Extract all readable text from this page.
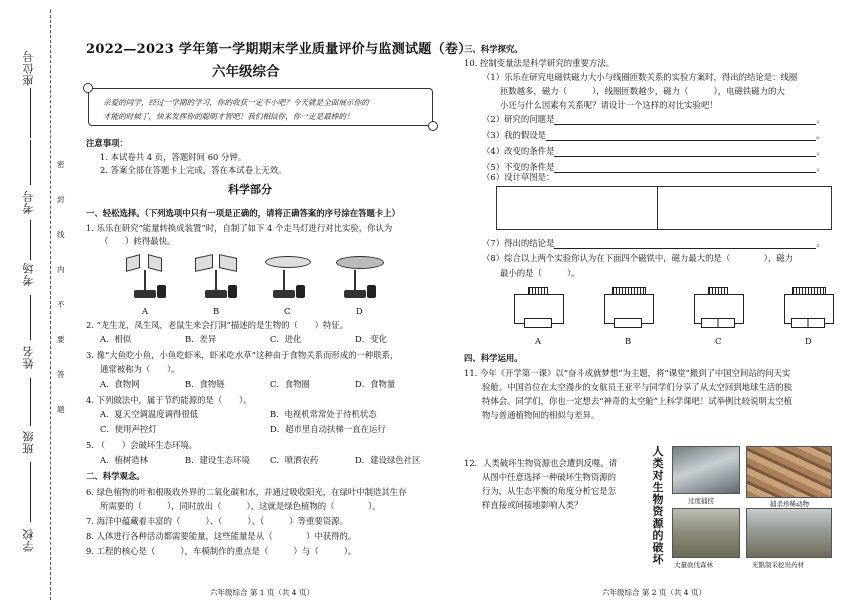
座位号
考号
考场
姓名
班级
学校
密
封
线
内
不
要
答
题
2022—2023 学年第一学期期末学业质量评价与监测试题（卷）
六年级综合
亲爱的同学，经过一学期的学习，你的收获一定不小吧？今天就是全面展示你的
才能的时候了，快来发挥你的聪明才智吧！我们相信你，你一定是最棒的！
注意事项：
1. 本试卷共 4 页，答题时间 60 分钟。
2. 答案全部在答题卡上完成，答在本试卷上无效。
科学部分
一、轻松选择。（下列选项中只有一项是正确的，请将正确答案的序号涂在答题卡上）
1. 乐乐在研究“能量转换成装置”时，自制了如下 4 个走马灯进行对比实验，你认为
（　　）转得最快。
A	B	C	D
2. “龙生龙，凤生凤，老鼠生来会打洞”描述的是生物的（　　）特征。
A．相似	B．差异	C．进化	D．变化
3. 像“大鱼吃小鱼，小鱼吃虾米，虾米吃水草”这种由于食物关系而形成的一种联系，
通常被称为（　　）。
A．食物网	B．食物链	C．食物圈	D．食物量
4. 下列做法中，属于节约能源的是（　　）。
A．夏天空调温度调得很低	B．电视机常常处于待机状态
C．使用声控灯	D．超市里自动扶梯一直在运行
5. （　　）会破坏生态环境。
A．植树造林	B．建设生态环境 C．喷洒农药	D．建设绿色社区
二、科学观念。
6. 绿色植物的叶和根吸收外界的二氧化碳和水，并通过吸收阳光，在绿叶中制造其生存
所需要的（　　　），同时放出（　　　），这就是绿色植物的（　　　　）。
7. 海洋中蕴藏着丰富的（　　　）、（　　　）、（　　　）等重要资源。
8. 人体进行各种活动都需要能量，这些能量是从（　　　　）中获得的。
9. 工程的核心是（　　　），车模制作的重点是（　　　）与（　　　）。
六年级综合 第 1 页（共 4 页）
三、科学探究。
10. 控制变量法是科学研究的重要方法。
（1）乐乐在研究电磁铁磁力大小与线圈匝数关系的实验方案时，得出的结论是：线圈
匝数越多，磁力（　　　），线圈匝数越少，磁力（　　　），电磁铁磁力的大
小还与什么因素有关系呢？请设计一个这样的对比实验吧！
（2）研究的问题是	。
（3）我的假设是	。
（4）改变的条件是	。
（5）不变的条件是	。
（6）设计草图是：
（7）得出的结论是	。
（8）综合以上两个实验你认为在下面四个磁铁中，磁力最大的是（　　　　），磁力
最小的是（　　　）。
A	B	C	D
四、科学运用。
11. 今年《开学第一课》以“奋斗成就梦想”为主题，将“课堂”搬到了中国空间站的问天实
验舱。中国首位在太空漫步的女航员王亚平与同学们分享了从太空回到地球生活的独
特体会。同学们，你也一定想去“神奇的太空舱”上科学课吧！试举例比较说明太空植
物与普通植物间的相似与差异。
12．人类破坏生物资源也会遭到反噬。请
从图中任意选择一种破坏生物资源的
行为，从生态平衡的角度分析它是怎
样直接或间接地影响人类？
人
类
对
生
物
资
源
的
破
坏
过度捕捞	捕杀珍稀动物
大量砍伐森林	无限制采挖贵药材
六年级综合 第 2 页（共 4 页）
